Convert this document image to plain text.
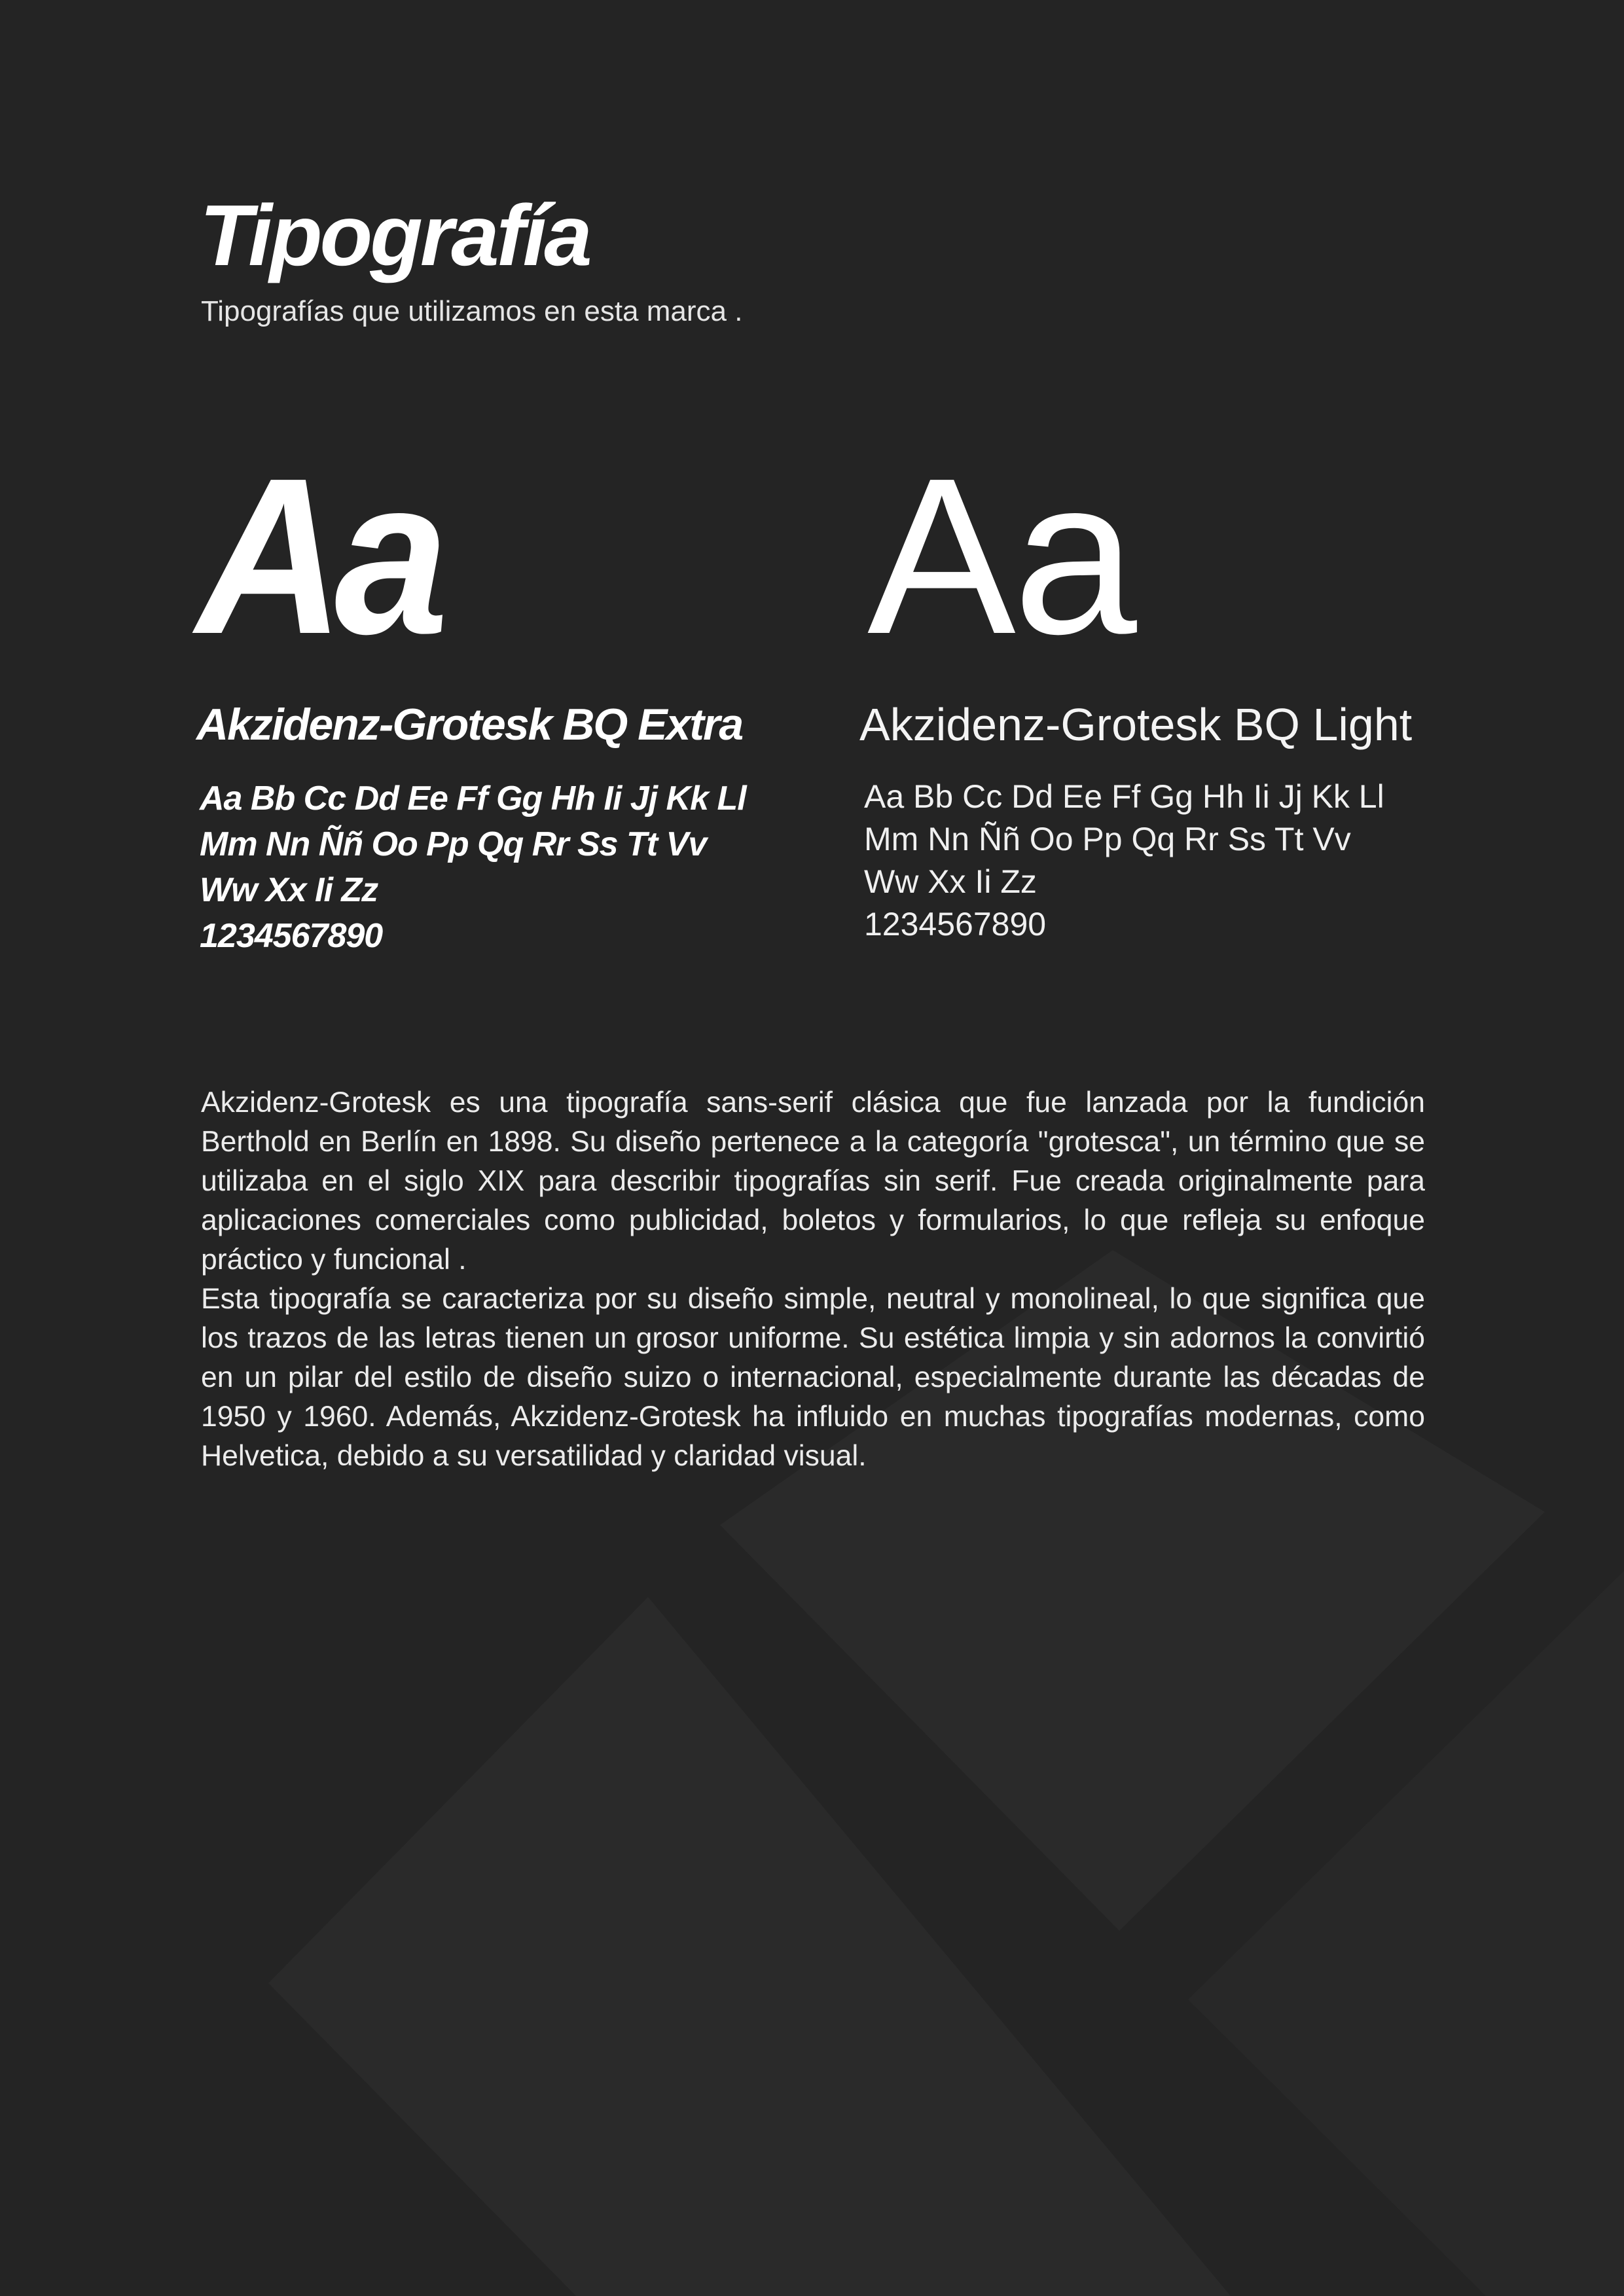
Tipografía
Tipografías que utilizamos en esta marca .
Aa Aa
Akzidenz-Grotesk BQ Extra	Akzidenz-Grotesk BQ Light
Aa Bb Cc Dd Ee Ff Gg Hh Ii Jj Kk Ll
Mm Nn Ññ Oo Pp Qq Rr Ss Tt Vv
Ww Xx Ii Zz
1234567890
Aa Bb Cc Dd Ee Ff Gg Hh Ii Jj Kk Ll
Mm Nn Ññ Oo Pp Qq Rr Ss Tt Vv
Ww Xx Ii Zz
1234567890

Akzidenz-Grotesk es una tipografía sans-serif clásica que fue lanzada por la fundición Berthold en Berlín en 1898. Su diseño pertenece a la categoría "grotesca", un término que se utilizaba en el siglo XIX para describir tipografías sin serif. Fue creada originalmente para aplicaciones comerciales como publicidad, boletos y formularios, lo que refleja su enfoque práctico y funcional .

Esta tipografía se caracteriza por su diseño simple, neutral y monolineal, lo que significa que los trazos de las letras tienen un grosor uniforme. Su estética limpia y sin adornos la convirtió en un pilar del estilo de diseño suizo o internacional, especialmente durante las décadas de 1950 y 1960. Además, Akzidenz-Grotesk ha influido en muchas tipografías modernas, como Helvetica, debido a su versatilidad y claridad visual.
